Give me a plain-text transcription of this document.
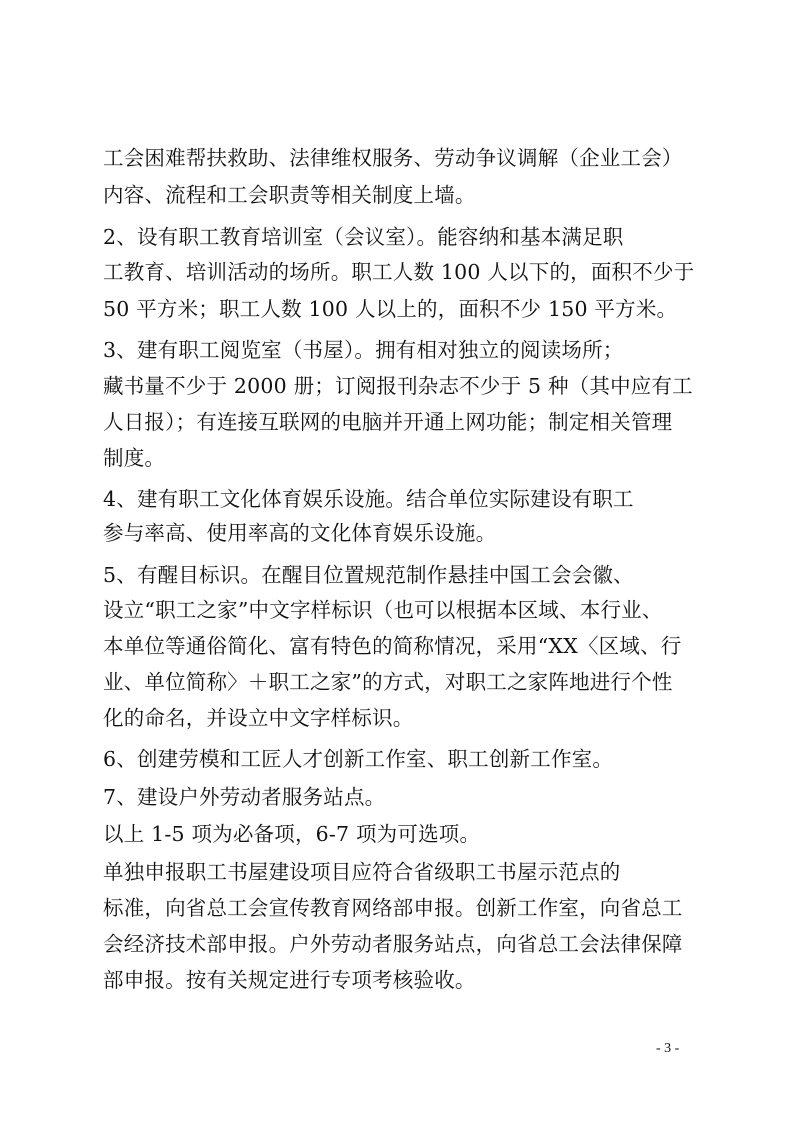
工会困难帮扶救助、法律维权服务、劳动争议调解（企业工会）
内容、流程和工会职责等相关制度上墙。
2、设有职工教育培训室（会议室）。能容纳和基本满足职
工教育、培训活动的场所。职工人数 100 人以下的，面积不少于
50 平方米；职工人数 100 人以上的，面积不少 150 平方米。
3、建有职工阅览室（书屋）。拥有相对独立的阅读场所；
藏书量不少于 2000 册；订阅报刊杂志不少于 5 种（其中应有工
人日报）；有连接互联网的电脑并开通上网功能；制定相关管理
制度。
4、建有职工文化体育娱乐设施。结合单位实际建设有职工
参与率高、使用率高的文化体育娱乐设施。
5、有醒目标识。在醒目位置规范制作悬挂中国工会会徽、
设立“职工之家”中文字样标识（也可以根据本区域、本行业、
本单位等通俗简化、富有特色的简称情况，采用“XX〈区域、行
业、单位简称〉＋职工之家”的方式，对职工之家阵地进行个性
化的命名，并设立中文字样标识。
6、创建劳模和工匠人才创新工作室、职工创新工作室。
7、建设户外劳动者服务站点。
以上 1-5 项为必备项，6-7 项为可选项。
单独申报职工书屋建设项目应符合省级职工书屋示范点的
标准，向省总工会宣传教育网络部申报。创新工作室，向省总工
会经济技术部申报。户外劳动者服务站点，向省总工会法律保障
部申报。按有关规定进行专项考核验收。
- 3 -
